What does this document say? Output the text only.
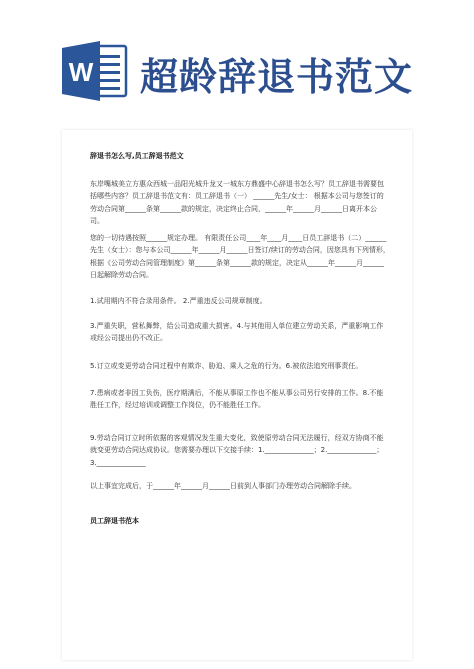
W 超龄辞退书范文

辞退书怎么写,员工辞退书范文

东岸嘴城美立方惠众西城一品阳光城升龙又一城东方鼎盛中心辞退书怎么写？员工辞退书需要包括哪些内容？员工辞退书范文有：员工辞退书（一） ______先生/女士： 根据本公司与您签订的劳动合同第______条第______款的规定，决定终止合同，______年______月______日离开本公司。

您的一切待遇按照______规定办理。 有限责任公司____年____月____日员工辞退书（二）______先生（女士）：您与本公司______年______月______日签订/续订的劳动合同，因您具有下列情形，根据《公司劳动合同管理制度》第______条第______款的规定，决定从______年______月______日起解除劳动合同。

1.试用期内不符合录用条件。 2.严重违反公司规章制度。

3.严重失职，营私舞弊，给公司造成重大损害。4.与其他用人单位建立劳动关系，严重影响工作或经公司提出仍不改正。

5.订立或变更劳动合同过程中有欺诈、胁迫、乘人之危的行为。6.被依法追究刑事责任。

7.患病或者非因工负伤，医疗期满后，不能从事原工作也不能从事公司另行安排的工作。8.不能胜任工作，经过培训或调整工作岗位，仍不能胜任工作。

9.劳动合同订立时所依据的客观情况发生重大变化，致使原劳动合同无法履行，经双方协商不能就变更劳动合同达成协议。您需要办理以下交接手续：1.______________；2.______________；3.______________

以上事宜完成后，于______年______月______日前到人事部门办理劳动合同解除手续。

员工辞退书范本
